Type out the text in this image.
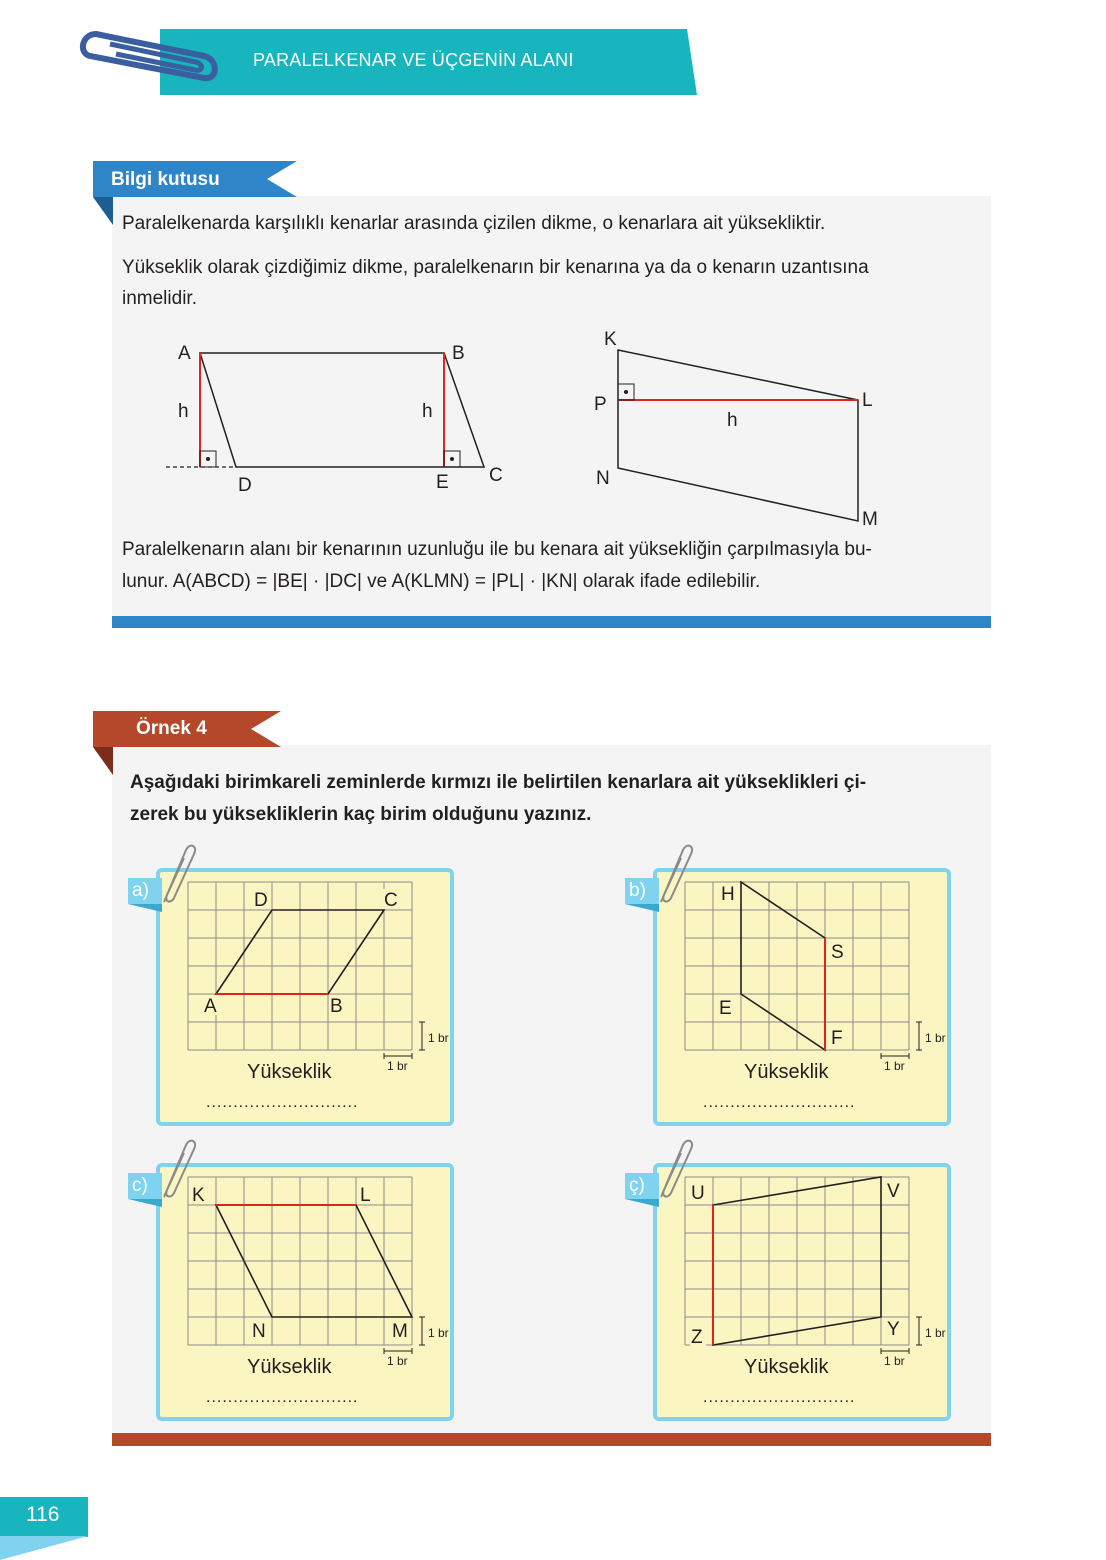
PARALELKENAR VE ÜÇGENİN ALANI
Bilgi kutusu
Paralelkenarda karşılıklı kenarlar arasında çizilen dikme, o kenarlara ait yüksekliktir.
Yükseklik olarak çizdiğimiz dikme, paralelkenarın bir kenarına ya da o kenarın uzantısına
inmelidir.
A	B
C
D	E
h	h
K
L
M
N
P
h
Paralelkenarın alanı bir kenarının uzunluğu ile bu kenara ait yüksekliğin çarpılmasıyla bu-
lunur. A(ABCD) = |BE| · |DC| ve A(KLMN) = |PL| · |KN| olarak ifade edilebilir.
Örnek 4
Aşağıdaki birimkareli zeminlerde kırmızı ile belirtilen kenarlara ait yükseklikleri çi-
zerek bu yüksekliklerin kaç birim olduğunu yazınız.
a)
A	B
C
D
1 br
1 br
Yükseklik
............................
b)	H
S
F
E
1 br
1 br
Yükseklik
............................
c) K	L
M
N	1 br
1 br
Yükseklik
............................
ç) U	V
Y
Z	1 br
1 br
Yükseklik
............................
116
